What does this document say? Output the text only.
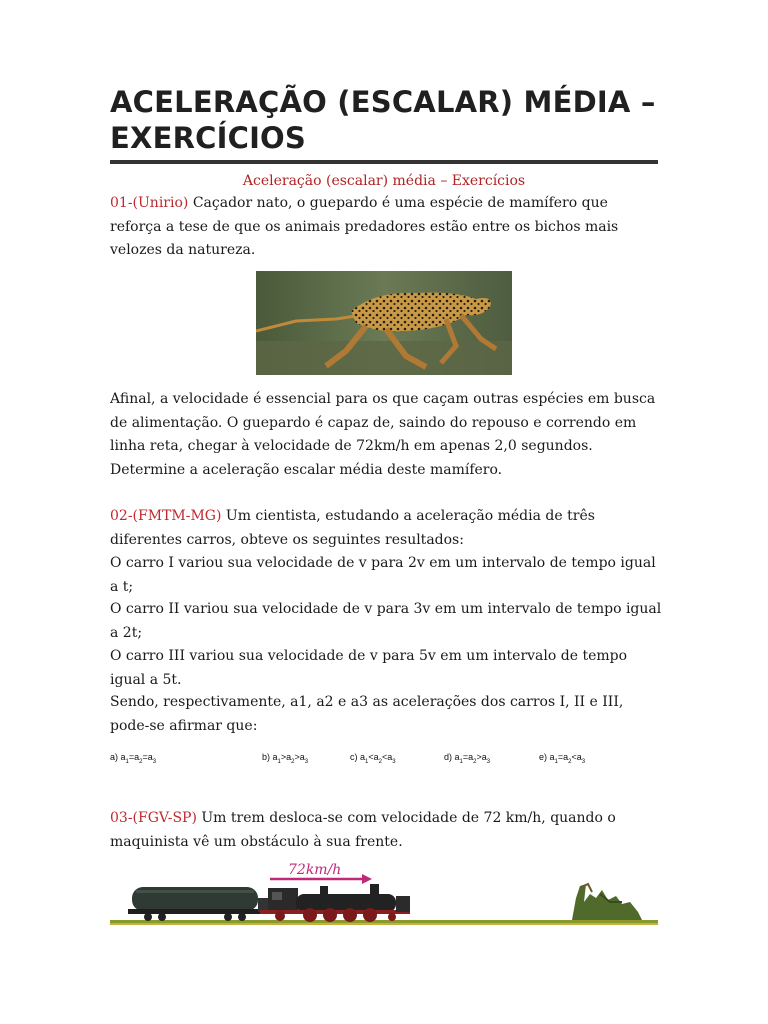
ACELERAÇÃO (ESCALAR) MÉDIA – EXERCÍCIOS
Aceleração (escalar) média – Exercícios
01-(Unirio) Caçador nato, o guepardo é uma espécie de mamífero que reforça a tese de que os animais predadores estão entre os bichos mais velozes da natureza.
Afinal, a velocidade é essencial para os que caçam outras espécies em busca de alimentação. O guepardo é capaz de, saindo do repouso e correndo em linha reta, chegar à velocidade de 72km/h em apenas 2,0 segundos. Determine a aceleração escalar média deste mamífero.
02-(FMTM-MG) Um cientista, estudando a aceleração média de três diferentes carros, obteve os seguintes resultados:
O carro I variou sua velocidade de v para 2v em um intervalo de tempo igual a t;
O carro II variou sua velocidade de v para 3v em um intervalo de tempo igual a 2t;
O carro III variou sua velocidade de v para 5v em um intervalo de tempo igual a 5t.
Sendo, respectivamente, a1, a2 e a3 as acelerações dos carros I, II e III, pode-se afirmar que:
a) $a_1=a_2=a_3$	b) $a_1>a_2>a_3$	c) $a_1<a_2<a_3$	d) $a_1=a_2>a_3$	e) $a_1=a_2<a_3$
03-(FGV-SP) Um trem desloca-se com velocidade de 72 km/h, quando o maquinista vê um obstáculo à sua frente.
72km/h
